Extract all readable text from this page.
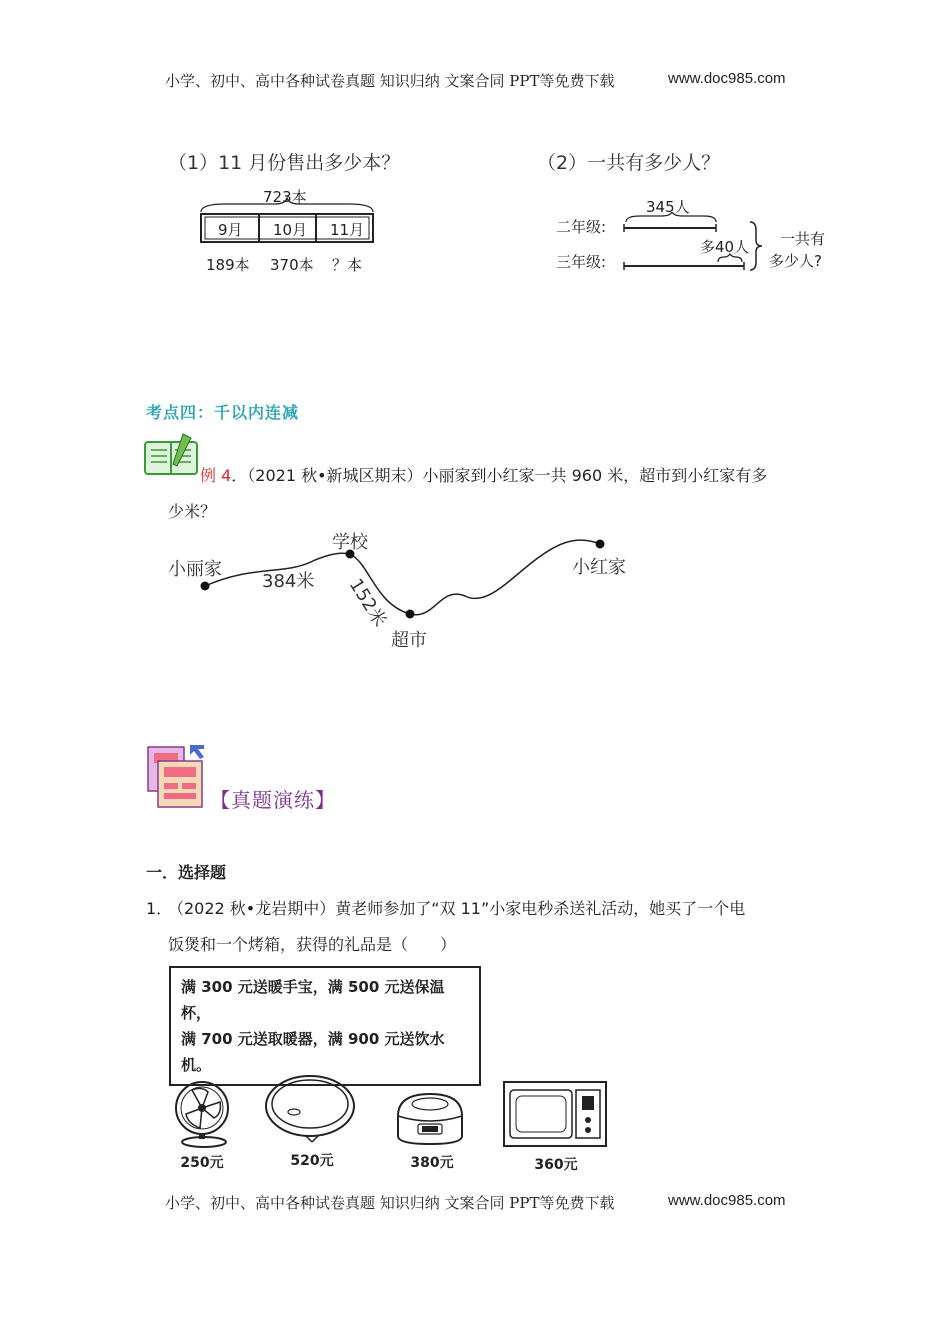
小学、初中、高中各种试卷真题 知识归纳 文案合同 PPT等免费下载	www.doc985.com
（1）11 月份售出多少本？
723本
9月 10月 11月
189本 370本 ？本
（2）一共有多少人？
345人
二年级:
三年级:
多40人 一共有
多少人?
考点四：千以内连减
例 4．（2021 秋•新城区期末）小丽家到小红家一共 960 米，超市到小红家有多
少米？
小丽家
学校
超市
小红家
384米 152米
【真题演练】
一．选择题
1．
（2022 秋•龙岩期中）黄老师参加了“双 11”小家电秒杀送礼活动，她买了一个电
饭煲和一个烤箱，获得的礼品是（　　）
满 300 元送暖手宝，满 500 元送保温杯，
满 700 元送取暖器，满 900 元送饮水机。
250元	520元	380元	360元
小学、初中、高中各种试卷真题 知识归纳 文案合同 PPT等免费下载	www.doc985.com
